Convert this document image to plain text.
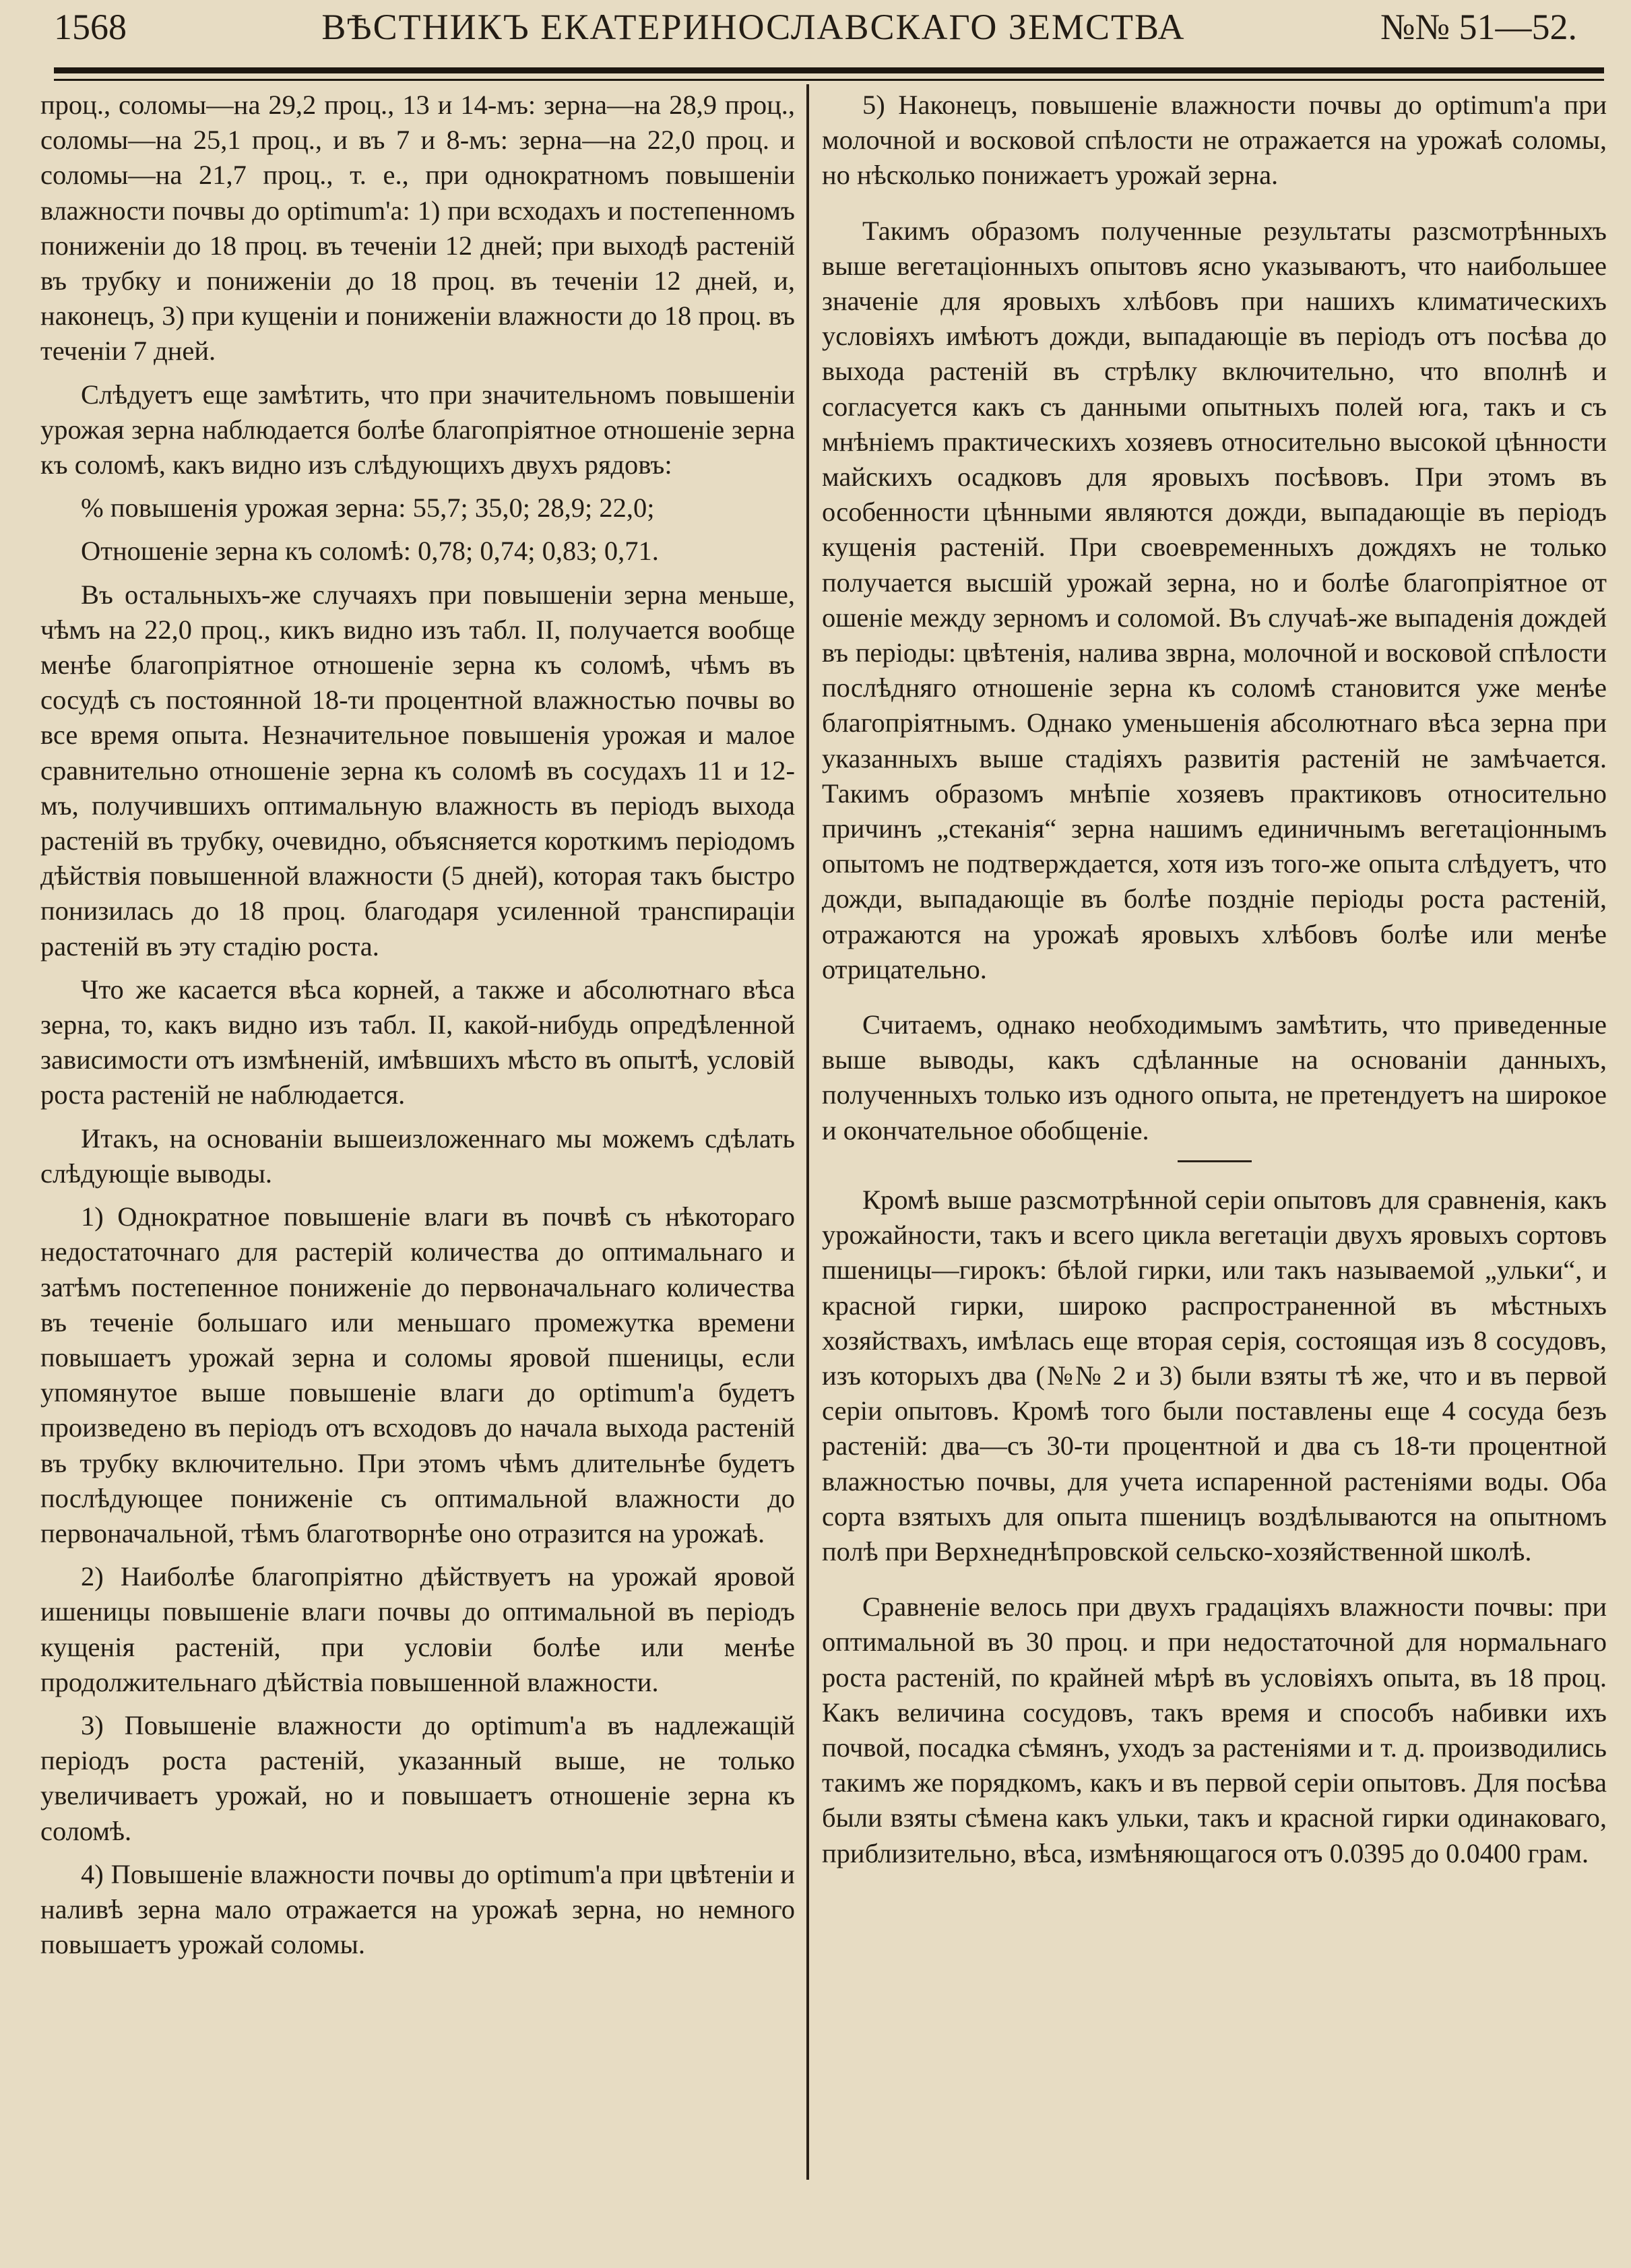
1568	ВѢСТНИКЪ ЕКАТЕРИНОСЛАВСКАГО ЗЕМСТВА	№№ 51—52.

проц., соломы—на 29,2 проц., 13 и 14-мъ: зерна—на 28,9 проц., соломы—на 25,1 проц., и въ 7 и 8-мъ: зерна—на 22,0 проц. и соломы—на 21,7 проц., т. е., при однократномъ повышеніи влажности почвы до optimum'a: 1) при всходахъ и постепенномъ пониженіи до 18 проц. въ теченіи 12 дней; при выходѣ растеній въ трубку и пониженіи до 18 проц. въ теченіи 12 дней, и, наконецъ, 3) при кущеніи и пониженіи влажности до 18 проц. въ теченіи 7 дней.

Слѣдуетъ еще замѣтить, что при значительномъ повышеніи урожая зерна наблюдается болѣе благопріятное отношеніе зерна къ соломѣ, какъ видно изъ слѣдующихъ двухъ рядовъ:

% повышенія урожая зерна: 55,7; 35,0; 28,9; 22,0;

Отношеніе зерна къ соломѣ: 0,78; 0,74; 0,83; 0,71.

Въ остальныхъ-же случаяхъ при повышеніи зерна меньше, чѣмъ на 22,0 проц., кикъ видно изъ табл. II, получается вообще менѣе благопріятное отношеніе зерна къ соломѣ, чѣмъ въ сосудѣ съ постоянной 18-ти процентной влажностью почвы во все время опыта. Незначительное повышенія урожая и малое сравнительно отношеніе зерна къ соломѣ въ сосудахъ 11 и 12-мъ, получившихъ оптимальную влажность въ періодъ выхода растеній въ трубку, очевидно, объясняется короткимъ періодомъ дѣйствія повышенной влажности (5 дней), которая такъ быстро понизилась до 18 проц. благодаря усиленной транспираціи растеній въ эту стадію роста.

Что же касается вѣса корней, а также и абсолютнаго вѣса зерна, то, какъ видно изъ табл. II, какой-нибудь опредѣленной зависимости отъ измѣненій, имѣвшихъ мѣсто въ опытѣ, условій роста растеній не наблюдается.

Итакъ, на основаніи вышеизложеннаго мы можемъ сдѣлать слѣдующіе выводы.

1) Однократное повышеніе влаги въ почвѣ съ нѣкотораго недостаточнаго для растерій количества до оптимальнаго и затѣмъ постепенное пониженіе до первоначальнаго количества въ теченіе большаго или меньшаго промежутка времени повышаетъ урожай зерна и соломы яровой пшеницы, если упомянутое выше повышеніе влаги до optimum'a будетъ произведено въ періодъ отъ всходовъ до начала выхода растеній въ трубку включительно. При этомъ чѣмъ длительнѣе будетъ послѣдующее пониженіе съ оптимальной влажности до первоначальной, тѣмъ благотворнѣе оно отразится на урожаѣ.

2) Наиболѣе благопріятно дѣйствуетъ на урожай яровой ишеницы повышеніе влаги почвы до оптимальной въ періодъ кущенія растеній, при условіи болѣе или менѣе продолжительнаго дѣйствіа повышенной влажности.

3) Повышеніе влажности до optimum'a въ надлежащій періодъ роста растеній, указанный выше, не только увеличиваетъ урожай, но и повышаетъ отношеніе зерна къ соломѣ.

4) Повышеніе влажности почвы до optimum'a при цвѣтеніи и наливѣ зерна мало отражается на урожаѣ зерна, но немного повышаетъ урожай соломы.

5) Наконецъ, повышеніе влажности почвы до optimum'a при молочной и восковой спѣлости не отражается на урожаѣ соломы, но нѣсколько понижаетъ урожай зерна.

Такимъ образомъ полученные результаты разсмотрѣнныхъ выше вегетаціонныхъ опытовъ ясно указываютъ, что наибольшее значеніе для яровыхъ хлѣбовъ при нашихъ климатическихъ условіяхъ имѣютъ дожди, выпадающіе въ періодъ отъ посѣва до выхода растеній въ стрѣлку включительно, что вполнѣ и согласуется какъ съ данными опытныхъ полей юга, такъ и съ мнѣніемъ практическихъ хозяевъ относительно высокой цѣнности майскихъ осадковъ для яровыхъ посѣвовъ. При этомъ въ особенности цѣнными являются дожди, выпадающіе въ періодъ кущенія растеній. При своевременныхъ дождяхъ не только получается высшій урожай зерна, но и болѣе благопріятное от ошеніе между зерномъ и соломой. Въ случаѣ-же выпаденія дождей въ періоды: цвѣтенія, налива зврна, молочной и восковой спѣлости послѣдняго отношеніе зерна къ соломѣ становится уже менѣе благопріятнымъ. Однако уменьшенія абсолютнаго вѣса зерна при указанныхъ выше стадіяхъ развитія растеній не замѣчается. Такимъ образомъ мнѣпіе хозяевъ практиковъ относительно причинъ „стеканія“ зерна нашимъ единичнымъ вегетаціоннымъ опытомъ не подтверждается, хотя изъ того-же опыта слѣдуетъ, что дожди, выпадающіе въ болѣе поздніе періоды роста растеній, отражаются на урожаѣ яровыхъ хлѣбовъ болѣе или менѣе отрицательно.

Считаемъ, однако необходимымъ замѣтить, что приведенные выше выводы, какъ сдѣланные на основаніи данныхъ, полученныхъ только изъ одного опыта, не претендуетъ на широкое и окончательное обобщеніе.

Кромѣ выше разсмотрѣнной серіи опытовъ для сравненія, какъ урожайности, такъ и всего цикла вегетаціи двухъ яровыхъ сортовъ пшеницы—гирокъ: бѣлой гирки, или такъ называемой „ульки“, и красной гирки, широко распространенной въ мѣстныхъ хозяйствахъ, имѣлась еще вторая серія, состоящая изъ 8 сосудовъ, изъ которыхъ два (№№ 2 и 3) были взяты тѣ же, что и въ первой серіи опытовъ. Кромѣ того были поставлены еще 4 сосуда безъ растеній: два—съ 30-ти процентной и два съ 18-ти процентной влажностью почвы, для учета испаренной растеніями воды. Оба сорта взятыхъ для опыта пшеницъ воздѣлываются на опытномъ полѣ при Верхнеднѣпровской сельско-хозяйственной школѣ.

Сравненіе велось при двухъ градаціяхъ влажности почвы: при оптимальной въ 30 проц. и при недостаточной для нормальнаго роста растеній, по крайней мѣрѣ въ условіяхъ опыта, въ 18 проц. Какъ величина сосудовъ, такъ время и способъ набивки ихъ почвой, посадка сѣмянъ, уходъ за растеніями и т. д. производились такимъ же порядкомъ, какъ и въ первой серіи опытовъ. Для посѣва были взяты сѣмена какъ ульки, такъ и красной гирки одинаковаго, приблизительно, вѣса, измѣняющагося отъ 0.0395 до 0.0400 грам.
